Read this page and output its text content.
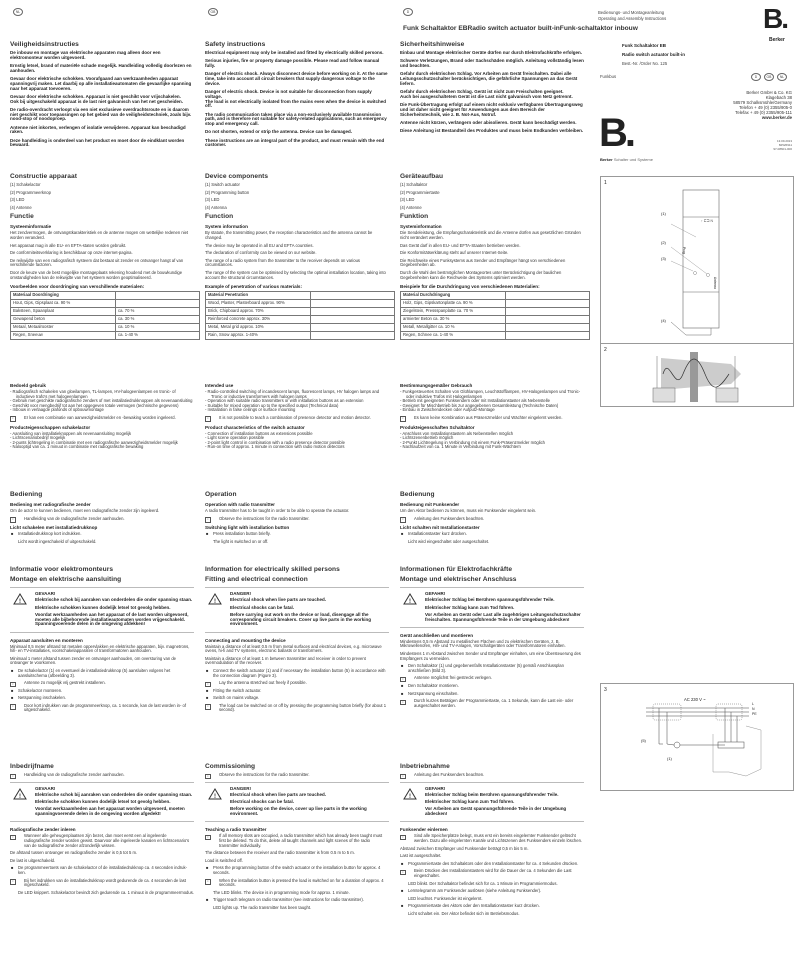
NL	GB	D
Funk Schaltaktor EBRadio switch actuator built-inFunk-schaltaktor inbouw
Bedienungs- und Montageanleitung
Operating and Assembly Instructions	B.
Berker
Funk Schaltaktor EB
Radio switch actuator built-in
Best.-Nr. /Order No. 125
Funkbus	D	GB	NL
Berker GmbH & Co. KG
Klagebach 38
58579 Schalksmühle/Germany
Telefon + 49 (0) 2355/905-0
Telefax + 49 (0) 2355/905-111
www.berker.de
B.
Berker Schalter und Systeme
13.09.2013
82526911
97-08601-000
1
↑ ⊏⊐ N
(1)
(2)
(3)
(4)
Prog
Antenna
2
3
AC 230 V ~
L
N
PE
(5)
(1)
Veiligheidsinstructies
De inbouw en montage van elektrische apparaten mag alleen door een elektromonteur worden uitgevoerd.
Ernstig letsel, brand of materiële schade mogelijk. Handleiding volledig doorlezen en aanhouden.
Gevaar door elektrische schokken. Voorafgaand aan werkzaamheden apparaat spanningvrij maken. Let daarbij op alle installatieautomaten die gevaarlijke spanning naar het apparaat toevoeren.
Gevaar door elektrische schokken. Apparaat is niet geschikt voor vrijschakelen.
Ook bij uitgeschakeld apparaat is de last niet galvanisch van het net gescheiden.
De radio-overdracht verloopt via een niet exclusieve overdrachtsroute en is daarom niet geschikt voor toepassingen op het gebied van de veiligheidstechniek, zoals bijv. nood-stop of noodoproep.
Antenne niet inkorten, verlengen of isolatie verwijderen. Apparaat kan beschadigd raken.
Deze handleiding is onderdeel van het product en moet door de eindklant worden bewaard.
Safety instructions
Electrical equipment may only be installed and fitted by electrically skilled persons.
Serious injuries, fire or property damage possible. Please read and follow manual fully.
Danger of electric shock. Always disconnect device before working on it. At the same time, take into account all circuit breakers that supply dangerous voltage to the device.
Danger of electric shock. Device is not suitable for disconnection from supply voltage.
The load is not electrically isolated from the mains even when the device is switched off.
The radio communication takes place via a non-exclusively available transmission path, and is therefore not suitable for safety-related applications, such as emergency stop and emergency call.
Do not shorten, extend or strip the antenna. Device can be damaged.
These instructions are an integral part of the product, and must remain with the end customer.
Sicherheitshinweise
Einbau und Montage elektrischer Geräte dürfen nur durch Elektrofachkräfte erfolgen.
Schwere Verletzungen, Brand oder Sachschäden möglich. Anleitung vollständig lesen und beachten.
Gefahr durch elektrischen Schlag. Vor Arbeiten am Gerät freischalten. Dabei alle Leitungsschutzschalter berücksichtigen, die gefährliche Spannungen an das Gerät liefern.
Gefahr durch elektrischen Schlag. Gerät ist nicht zum Freischalten geeignet.
Auch bei ausgeschaltetem Gerät ist die Last nicht galvanisch vom Netz getrennt.
Die Funk-Übertragung erfolgt auf einem nicht exklusiv verfügbaren Übertragungsweg und ist daher nicht geeignet für Anwendungen aus dem Bereich der Sicherheitstechnik, wie z. B. Not-Aus, Notruf.
Antenne nicht kürzen, verlängern oder abisolieren. Gerät kann beschädigt werden.
Diese Anleitung ist Bestandteil des Produktes und muss beim Endkunden verbleiben.
Constructie apparaat
(1) Schakelactor
(2) Programmeerknop
(3) LED
(4) Antenne
Functie
Systeeminformatie
Het zendvermogen, de ontvangstkarakteristiek en de antenne mogen om wettelijke redenen niet worden veranderd.
Het apparaat mag in alle EU- en EFTA-staten worden gebruikt.
De conformiteitsverklaring is beschikbaar op onze internet-pagina.
De reikwijdte van een radiografisch systeem dat bestaat uit zender en ontvanger hangt af van verschillende factoren.
Door de keuze van de best mogelijke montageplaats rekening houdend met de bouwkundige omstandigheden kan de reikwijdte van het systeem worden geoptimaliseerd.
Voorbeelden voor doordringing van verschillende materialen:
Materiaal Doordringing	
Hout, Gips, Gipsplaat ca. 90 %	
Baksteen, Spaanplaat	ca. 70 %
Gewapend beton	ca. 30 %
Metaal, Metaalrooster	ca. 10 %
Regen, Sneeuw	ca. 1-40 %
Device components
(1) Switch actuator
(2) Programming button
(3) LED
(4) Antenna
Function
System information
By statute, the transmitting power, the reception characteristics and the antenna cannot be changed.
The device may be operated in all EU and EFTA countries.
The declaration of conformity can be viewed on our website.
The range of a radio system from the transmitter to the receiver depends on various circumstances.
The range of the system can be optimised by selecting the optimal installation location, taking into account the structural circumstances.
Example of penetration of various materials:
Material Penetration	
Wood, Plaster, Plasterboard approx. 90%	
Brick, Chipboard approx. 70%	
Reinforced concrete approx. 30%	
Metal, Metal grid approx. 10%	
Rain, Snow approx. 1-40%	
Geräteaufbau
(1) Schaltaktor
(2) Programmiertaste
(3) LED
(4) Antenne
Funktion
Systeminformation
Die Sendeleistung, die Empfangscharakteristik und die Antenne dürfen aus gesetzlichen Gründen nicht verändert werden.
Das Gerät darf in allen EU- und EFTA-Staaten betrieben werden.
Die Konformitätserklärung steht auf unserer Internet-Seite.
Die Reichweite eines Funksystems aus Sender und Empfänger hängt von verschiedenen Gegebenheiten ab.
Durch die Wahl des bestmöglichen Montageortes unter Berücksichtigung der baulichen Gegebenheiten kann die Reichweite des Systems optimiert werden.
Beispiele für die Durchdringung von verschiedenen Materialien:
Material Durchdringung	
Holz, Gips, Gipskartonplatte ca. 90 %	
Ziegelstein, Pressspanplatte ca. 70 %	
armierter Beton ca. 30 %	
Metall, Metallgitter ca. 10 %	
Regen, Schnee ca. 1-40 %	
Bedoeld gebruik
- Radiografisch schakelen van gloeilampen, TL-lampen, HV-halogeenlampen en tronic- of inductieve trafo's met halogeenlampen
- Gebruik met geschikte radiografische zenders of met installatiedrukknoppen als nevenaansluiting
- Geschikt voor mengbedrijf tot aan het opgegeven totale vermogen (technische gegevens)
- Inbouw in verlaagde plafonds of opbouwmontage
i	Er kan een combinatie van aanwezigheidsmelder en -bewaking worden ingeleerd.
Producteigenschappen schakelactor
- Aansluiting van installatieknoppen als nevenaansluiting mogelijk
- Lichtscenariobedrijf mogelijk
- 2-punts lichtregeling in combinatie met een radiografische aanwezigheidsmelder mogelijk
- Nalooptijd van ca. 1 minuut in combinatie met radiografische bewaking
Intended use
- Radio-controlled switching of incandescent lamps, fluorescent lamps, HV halogen lamps and Tronic or inductive transformers with halogen lamps
- Operation with suitable radio transmitters or with installation buttons as an extension
- Suitable for mixed operation up to the specified output (Technical data)
- Installation in false ceilings or surface mounting
i	It is not possible to teach a combination of presence detector and motion detector.
Product characteristics of the switch actuator
- Connection of installation buttons as extensions possible
- Light scene operation possible
- 2-point light control in combination with a radio presence detector possible
- Run-on time of approx. 1 minute in connection with radio motion detectors
Bestimmungsgemäßer Gebrauch
- Funkgesteuertes Schalten von Glühlampen, Leuchtstofflampen, HV-Halogenlampen und Tronic- oder induktive Trafos mit Halogenlampen
- Betrieb mit geeigneten Funksendern oder mit Installationstaster als Nebenstelle
- Geeignet für Mischbetrieb bis zur angegebenen Gesamtleistung (Technische Daten)
- Einbau in Zwischendecken oder Aufputz-Montage
i	Es kann keine Kombination aus Präsenzmelder und Wächter eingelernt werden.
Produkteigenschaften Schaltaktor
- Anschluss von Installationstastern als Nebenstellen möglich
- Lichtszenenbetrieb möglich
- 2-Punkt Lichtregelung in Verbindung mit einem Funk-Präsenzmelder möglich
- Nachlaufzeit von ca. 1 Minute in Verbindung mit Funk-Wächtern
Bediening
Bediening met radiografische zender
Om de actor te kunnen bedienen, moet een radiografische zender zijn ingeleerd.
i	Handleiding van de radiografische zender aanhouden.
Licht schakelen met installatiedrukknop
■ Installatiedrukknop kort indrukken.
Licht wordt ingeschakeld of uitgeschakeld.
Operation
Operation with radio transmitter
A radio transmitter has to be taught in order to be able to operate the actuator.
i	Observe the instructions for the radio transmitter.
Switching light with installation button
■ Press installation button briefly.
The light is switched on or off.
Bedienung
Bedienung mit Funksender
Um den Aktor bedienen zu können, muss ein Funksender eingelernt sein.
i	Anleitung des Funksenders beachten.
Licht schalten mit Installationstaster
■ Installationstaster kurz drücken.
Licht wird eingeschaltet oder ausgeschaltet.
Informatie voor elektromonteurs
Montage en elektrische aansluiting
!
GEVAAR!
Elektrische schok bij aanraken van onderdelen die onder spanning staan.
Elektrische schokken kunnen dodelijk letsel tot gevolg hebben.
Voordat werkzaamheden aan het apparaat of de last worden uitgevoerd, moeten alle bijbehorende installatieautomaten worden vrijgeschakeld. Spanningvoerende delen in de omgeving afdekken!
Apparaat aansluiten en monteren
Minimaal 0,5 meter afstand tot metalen oppervlakken en elektrische apparaten, bijv. magnetrons, hifi- en TV-installaties, voorschakelapparaten of transformatoren aanhouden.
Minimaal 1 meter afstand tussen zender en ontvanger aanhouden, om oversturing van de ontvanger te voorkomen.
■ De schakelactor (1) en eventueel de installatiedrukknop (5) aansluiten volgens het aansluitschema (afbeelding 3).
i	Antenne zo mogelijk vrij gestrekt installeren.
■ Schakelactor monteren.
■ Netspanning inschakelen.
i	Door kort indrukken van de programmeerknop, ca. 1 seconde, kan de last worden in- of uitgeschakeld.
Information for electrically skilled persons
Fitting and electrical connection
!
DANGER!
Electrical shock when live parts are touched.
Electrical shocks can be fatal.
Before carrying out work on the device or load, disengage all the corresponding circuit breakers. Cover up live parts in the working environment.
Connecting and mounting the device
Maintain a distance of at least 0.5 m from metal surfaces and electrical devices, e.g. microwave ovens, hi-fi and TV systems, electronic ballasts or transformers.
Maintain a distance of at least 1 m between transmitter and receiver in order to prevent overmodulation of the receiver.
■ Connect the switch actuator (1) and if necessary the installation button (5) in accordance with the connection diagram (Figure 3).
i	Lay the antenna stretched out freely if possible.
■ Fitting the switch actuator.
■ Switch on mains voltage.
i	The load can be switched on or off by pressing the programming button briefly (for about 1 second).
Informationen für Elektrofachkräfte
Montage und elektrischer Anschluss
!
GEFAHR!
Elektrischer Schlag bei Berühren spannungsführender Teile.
Elektrischer Schlag kann zum Tod führen.
Vor Arbeiten an Gerät oder Last alle zugehörigen Leitungsschutzschalter freischalten. Spannungsführende Teile in der Umgebung abdecken!
Gerät anschließen und montieren
Mindestens 0,5 m Abstand zu metallischen Flächen und zu elektrischen Geräten, z. B. Mikrowellenofen, Hifi- und TV-Anlagen, Vorschaltgeräten oder Transformatoren einhalten.
Mindestens 1 m Abstand zwischen Sender und Empfänger einhalten, um eine Übersteuerung des Empfängers zu vermeiden.
■ Den Schaltaktor (1) und gegebenenfalls Installationstaster (5) gemäß Anschlussplan anschließen (Bild 3).
i	Antenne möglichst frei gestreckt verlegen.
■ Den Schaltaktor montieren.
■ Netzspannung einschalten.
i	Durch kurzes Betätigen der Programmiertaste, ca. 1 Sekunde, kann die Last ein- oder ausgeschaltet werden.
Inbedrijfname
i	Handleiding van de radiografische zender aanhouden.
!
GEVAAR!
Elektrische schok bij aanraken van onderdelen die onder spanning staan.
Elektrische schokken kunnen dodelijk letsel tot gevolg hebben.
Voordat werkzaamheden aan het apparaat worden uitgevoerd, moeten spanningvoerende delen in de omgeving worden afgedekt!
Radiografische zender inleren
i	Wanneer alle geheugenplaatsen zijn bezet, dan moet eerst een al ingeleerde radiografische zender worden gewist. Daarvoor alle ingeleerde kanalen en lichtscenario's van de radiografische zender afzonderlijk wissen.
De afstand tussen ontvanger en radiografische zender is 0,5 tot 5 m.
De last is uitgeschakeld.
■ De programmeertoets van de schakelactor of de installatiedrukknop ca. 4 seconden indruk-ken.
i	Bij het indrukken van de installatiedrukknop wordt gedurende de ca. 4 seconden de last ingeschakeld.
De LED knippert. Schakelactor bevindt zich gedurende ca. 1 minuut in de programmeermodus.
Commissioning
i	Observe the instructions for the radio transmitter.
!
DANGER!
Electrical shock when live parts are touched.
Electrical shocks can be fatal.
Before working on the device, cover up live parts in the working environment.
Teaching a radio transmitter
i	If all memory slots are occupied, a radio transmitter which has already been taught must first be deleted. To do this, delete all taught channels and light scenes of the radio transmitter individually.
The distance between the receiver and the radio transmitter is from 0.5 m to 5 m.
Load is switched off.
■ Press the programming button of the switch actuator or the installation button for approx. 4 seconds.
i	When the installation button is pressed the load is switched on for a duration of approx. 4 seconds.
The LED blinks. The device is in programming mode for approx. 1 minute.
■ Trigger teach telegram on radio transmitter (see instructions for radio transmitter).
LED lights up. The radio transmitter has been taught.
Inbetriebnahme
i	Anleitung des Funksenders beachten.
!
GEFAHR!
Elektrischer Schlag beim Berühren spannungsführender Teile.
Elektrischer Schlag kann zum Tod führen.
Vor Arbeiten am Gerät spannungsführende Teile in der Umgebung abdecken!
Funksender einlernen
i	Sind alle Speicherplätze belegt, muss erst ein bereits eingelernter Funksender gelöscht werden. Dazu alle eingelernten Kanäle und Lichtszenen des Funksenders einzeln löschen.
Abstand zwischen Empfänger und Funksender beträgt 0,5 m bis 5 m.
Last ist ausgeschaltet.
■ Programmiertaste des Schaltaktors oder den Installationstaster für ca. 4 Sekunden drücken.
i	Beim Drücken des Installationstasters wird für die Dauer der ca. 4 Sekunden die Last eingeschaltet.
LED blinkt. Der Schaltaktor befindet sich für ca. 1 Minute im Programmiermodus.
■ Lerntelegramm am Funksender auslösen (siehe Anleitung Funksender).
LED leuchtet. Funksender ist eingelernt.
■ Programmiertaste des Aktors oder den Installationstaster kurz drücken.
Licht schaltet ein. Der Aktor befindet sich im Betriebsmodus.
